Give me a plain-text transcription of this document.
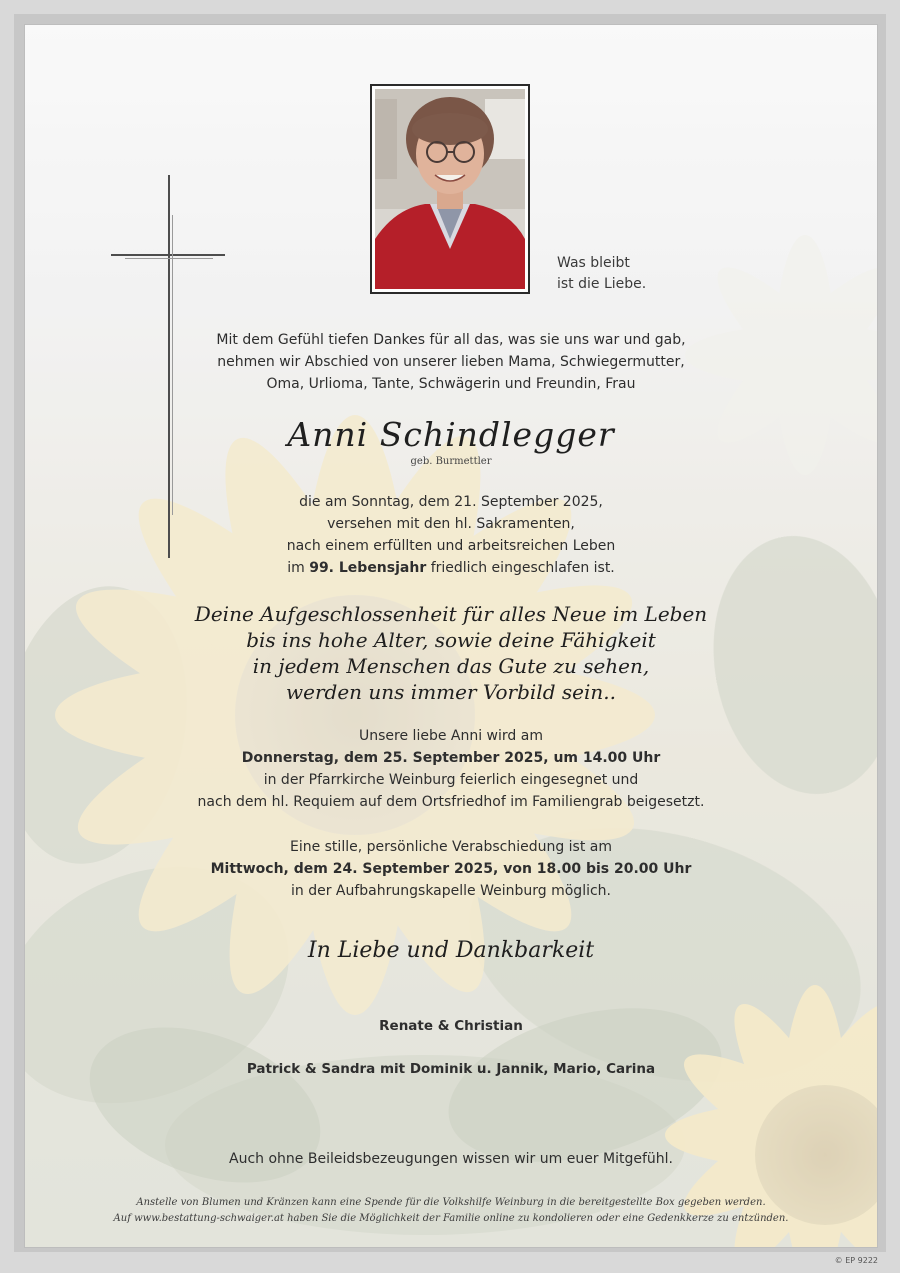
Was bleibt
ist die Liebe.
Mit dem Gefühl tiefen Dankes für all das, was sie uns war und gab,
nehmen wir Abschied von unserer lieben Mama, Schwiegermutter,
Oma, Urlioma, Tante, Schwägerin und Freundin, Frau
Anni Schindlegger
geb. Burmettler
die am Sonntag, dem 21. September 2025,
versehen mit den hl. Sakramenten,
nach einem erfüllten und arbeitsreichen Leben
im 99. Lebensjahr friedlich eingeschlafen ist.
Deine Aufgeschlossenheit für alles Neue im Leben
bis ins hohe Alter, sowie deine Fähigkeit
in jedem Menschen das Gute zu sehen,
werden uns immer Vorbild sein..
Unsere liebe Anni wird am
Donnerstag, dem 25. September 2025, um 14.00 Uhr
in der Pfarrkirche Weinburg feierlich eingesegnet und
nach dem hl. Requiem auf dem Ortsfriedhof im Familiengrab beigesetzt.
Eine stille, persönliche Verabschiedung ist am
Mittwoch, dem 24. September 2025, von 18.00 bis 20.00 Uhr
in der Aufbahrungskapelle Weinburg möglich.
In Liebe und Dankbarkeit
Renate & Christian
Patrick & Sandra mit Dominik u. Jannik, Mario, Carina
Auch ohne Beileidsbezeugungen wissen wir um euer Mitgefühl.
Anstelle von Blumen und Kränzen kann eine Spende für die Volkshilfe Weinburg in die bereitgestellte Box gegeben werden.
Auf www.bestattung-schwaiger.at haben Sie die Möglichkeit der Familie online zu kondolieren oder eine Gedenkkerze zu entzünden.
© EP 9222
